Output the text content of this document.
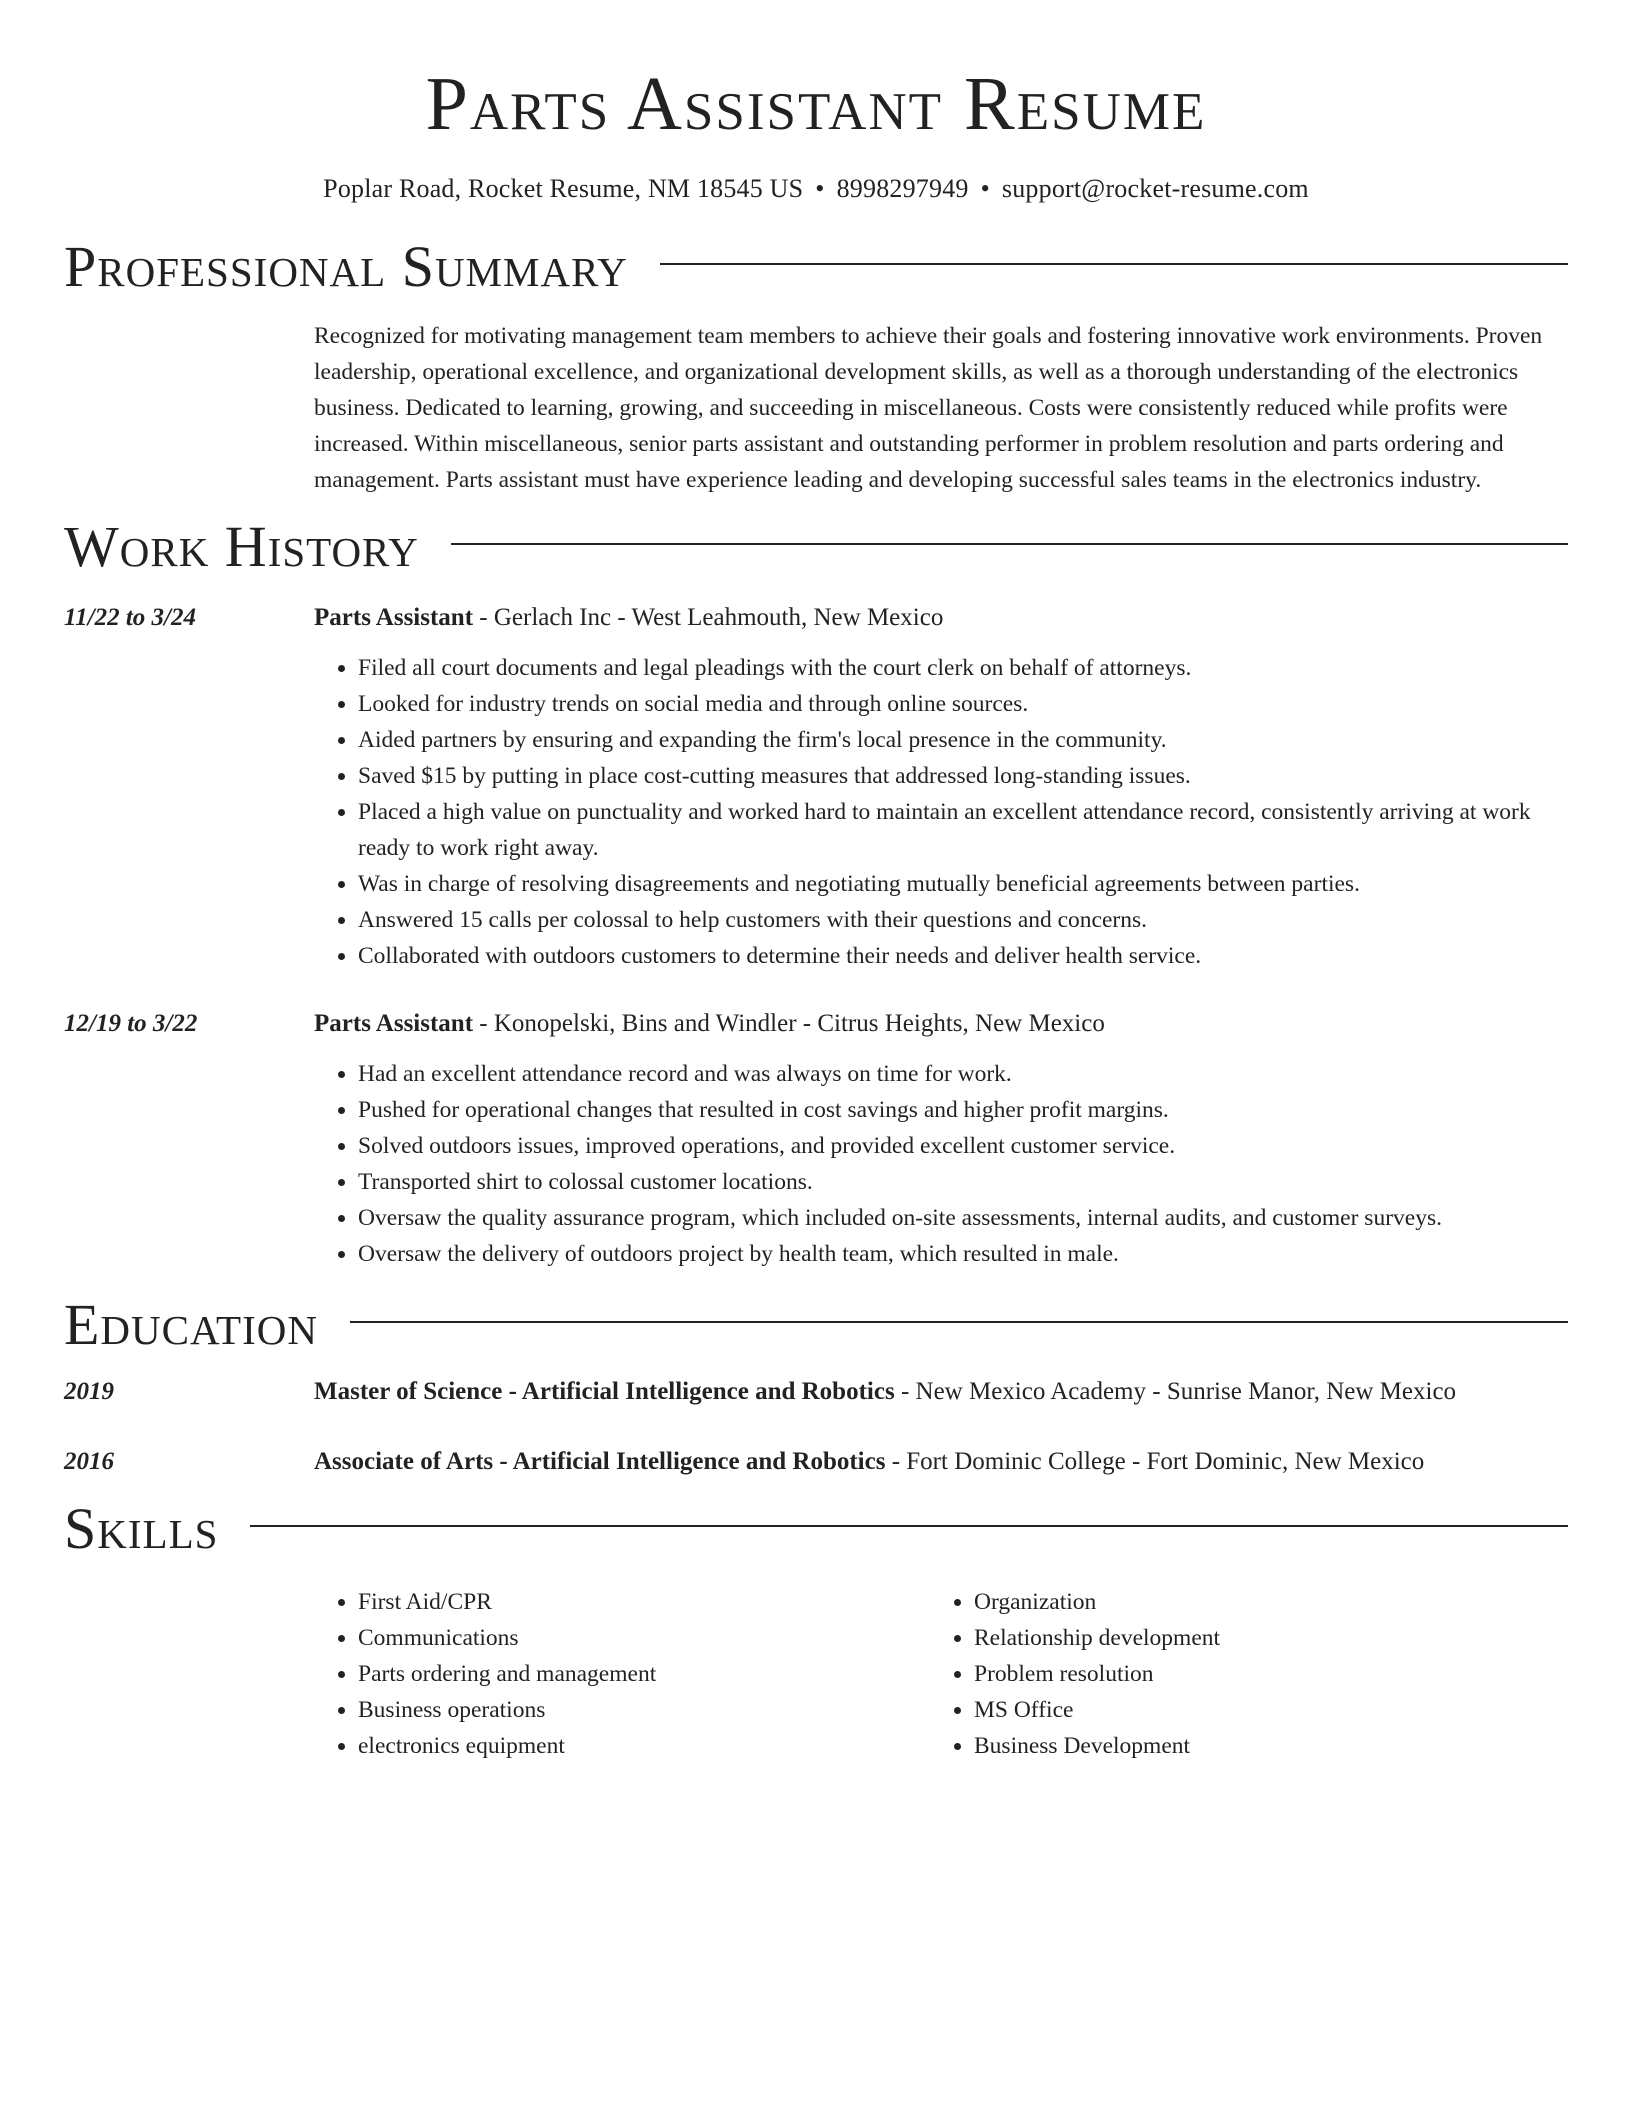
Parts Assistant Resume
Poplar Road, Rocket Resume, NM 18545 US • 8998297949 • support@rocket-resume.com
Professional Summary

Recognized for motivating management team members to achieve their goals and fostering innovative work environments. Proven leadership, operational excellence, and organizational development skills, as well as a thorough understanding of the electronics business. Dedicated to learning, growing, and succeeding in miscellaneous. Costs were consistently reduced while profits were increased. Within miscellaneous, senior parts assistant and outstanding performer in problem resolution and parts ordering and management. Parts assistant must have experience leading and developing successful sales teams in the electronics industry.

Work History
11/22 to 3/24	Parts Assistant - Gerlach Inc - West Leahmouth, New Mexico
• Filed all court documents and legal pleadings with the court clerk on behalf of attorneys.
• Looked for industry trends on social media and through online sources.
• Aided partners by ensuring and expanding the firm's local presence in the community.
• Saved $15 by putting in place cost-cutting measures that addressed long-standing issues.
• Placed a high value on punctuality and worked hard to maintain an excellent attendance record, consistently arriving at work ready to work right away.
• Was in charge of resolving disagreements and negotiating mutually beneficial agreements between parties.
• Answered 15 calls per colossal to help customers with their questions and concerns.
• Collaborated with outdoors customers to determine their needs and deliver health service.
12/19 to 3/22	Parts Assistant - Konopelski, Bins and Windler - Citrus Heights, New Mexico
• Had an excellent attendance record and was always on time for work.
• Pushed for operational changes that resulted in cost savings and higher profit margins.
• Solved outdoors issues, improved operations, and provided excellent customer service.
• Transported shirt to colossal customer locations.
• Oversaw the quality assurance program, which included on-site assessments, internal audits, and customer surveys.
• Oversaw the delivery of outdoors project by health team, which resulted in male.
Education
2019	Master of Science - Artificial Intelligence and Robotics - New Mexico Academy - Sunrise Manor, New Mexico
2016	Associate of Arts - Artificial Intelligence and Robotics - Fort Dominic College - Fort Dominic, New Mexico
Skills
• First Aid/CPR
• Communications
• Parts ordering and management
• Business operations
• electronics equipment
• Organization
• Relationship development
• Problem resolution
• MS Office
• Business Development
